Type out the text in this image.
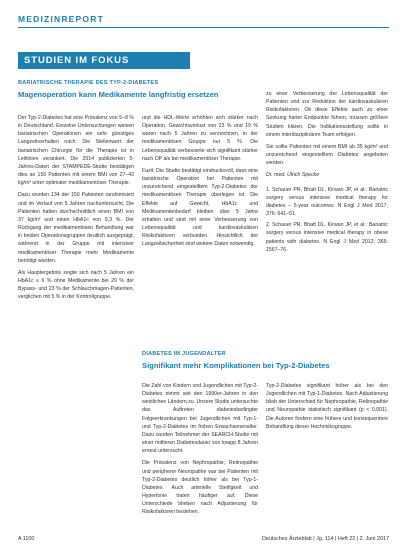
MEDIZINREPORT
STUDIEN IM FOKUS
BARIATRISCHE THERAPIE DES TYP-2-DIABETES
Magenoperation kann Medikamente langfristig ersetzen

Der Typ-2-Diabetes hat eine Prävalenz von 5–8 % in Deutschland. Einzelne Untersuchungen weisen bariatrischen Operationen ein sehr günstiges Langzeitverhalten nach. Die Stellenwert der bariatrischen Chirurgie für die Therapie ist in Leitlinien verankert. Die 2014 publizierten 5-Jahres-Daten der STAMPEDE-Studie bestätigen dies an 150 Patienten mit einem BMI von 27–43 kg/m² unter optimaler medikamentöser Therapie.

Dazu wurden 134 der 150 Patienten randomisiert und im Verlauf von 5 Jahren nachuntersucht. Die Patienten hatten durchschnittlich einen BMI von 37 kg/m² und einen HbA1c von 9,3 %. Der Rückgang der medikamentösen Behandlung war in beiden Operationsgruppen deutlich ausgeprägt, während in der Gruppe mit intensiver medikamentöser Therapie mehr Medikamente benötigt wurden.

Als Hauptergebnis zeigte sich nach 5 Jahren ein HbA1c ≤ 6 % ohne Medikamente bei 29 % der Bypass- und 23 % der Schlauchmagen-Patienten, verglichen mit 5 % in der Kontrollgruppe.

und die HDL-Werte erhöhten sich stärker nach Operation. Gewichtsverlust von 23 % und 19 % waren nach 5 Jahren zu verzeichnen, in der medikamentösen Gruppe nur 5 %. Die Lebensqualität verbesserte sich signifikant stärker nach OP als bei medikamentöser Therapie.

Fazit: Die Studie bestätigt eindrucksvoll, dass eine bariatrische Operation bei Patienten mit unzureichend eingestelltem Typ-2-Diabetes der medikamentösen Therapie überlegen ist. Die Effekte auf Gewicht, HbA1c und Medikamentenbedarf bleiben über 5 Jahre erhalten und sind mit einer Verbesserung von Lebensqualität und kardiovaskulären Risikofaktoren verbunden. Hinsichtlich der Langzeitsicherheit sind weitere Daten notwendig.

zu einer Verbesserung der Lebensqualität der Patienten und zur Reduktion der kardiovaskulären Risikofaktoren. Ob diese Effekte auch zu einer Senkung harter Endpunkte führen, müssen größere Studien klären. Die Indikationsstellung sollte in einem interdisziplinären Team erfolgen.

Sie sollte Patienten mit einem BMI ab 35 kg/m² und unzureichend eingestelltem Diabetes angeboten werden.

Dr. med. Ulrich Specke

1. Schauer PR, Bhatt DL, Kirwan JP, et al.: Bariatric surgery versus intensive medical therapy for diabetes – 5-year outcomes. N Engl J Med 2017; 376: 641–51.

2. Schauer PR, Bhatt DL, Kirwan JP, et al.: Bariatric surgery versus intensive medical therapy in obese patients with diabetes. N Engl J Med 2012; 366: 1567–76.

DIABETES IM JUGENDALTER
Signifikant mehr Komplikationen bei Typ-2-Diabetes

Die Zahl von Kindern und Jugendlichen mit Typ-2-Diabetes nimmt seit den 1990er-Jahren in den westlichen Ländern zu. Unsere Studie untersuchte das Auftreten diabetesbedingter Folgeerkrankungen bei Jugendlichen mit Typ-1- und Typ-2-Diabetes im frühen Erwachsenenalter. Dazu wurden Teilnehmer der SEARCH-Studie mit einer mittleren Diabetesdauer von knapp 8 Jahren erneut untersucht.

Die Prävalenz von Nephropathie, Retinopathie und peripherer Neuropathie war bei Patienten mit Typ-2-Diabetes deutlich höher als bei Typ-1-Diabetes. Auch arterielle Steifigkeit und Hypertonie traten häufiger auf. Diese Unterschiede blieben nach Adjustierung für Risikofaktoren bestehen.

Typ-2-Diabetes signifikant höher als bei den Jugendlichen mit Typ-1-Diabetes. Nach Adjustierung blieb der Unterschied für Nephropathie, Retinopathie und Neuropathie statistisch signifikant (p < 0,001). Die Autoren fordern eine frühere und konsequentere Behandlung dieser Hochrisikogruppe.

A 1100	Deutsches Ärzteblatt | Jg. 114 | Heft 22 | 2. Juni 2017
